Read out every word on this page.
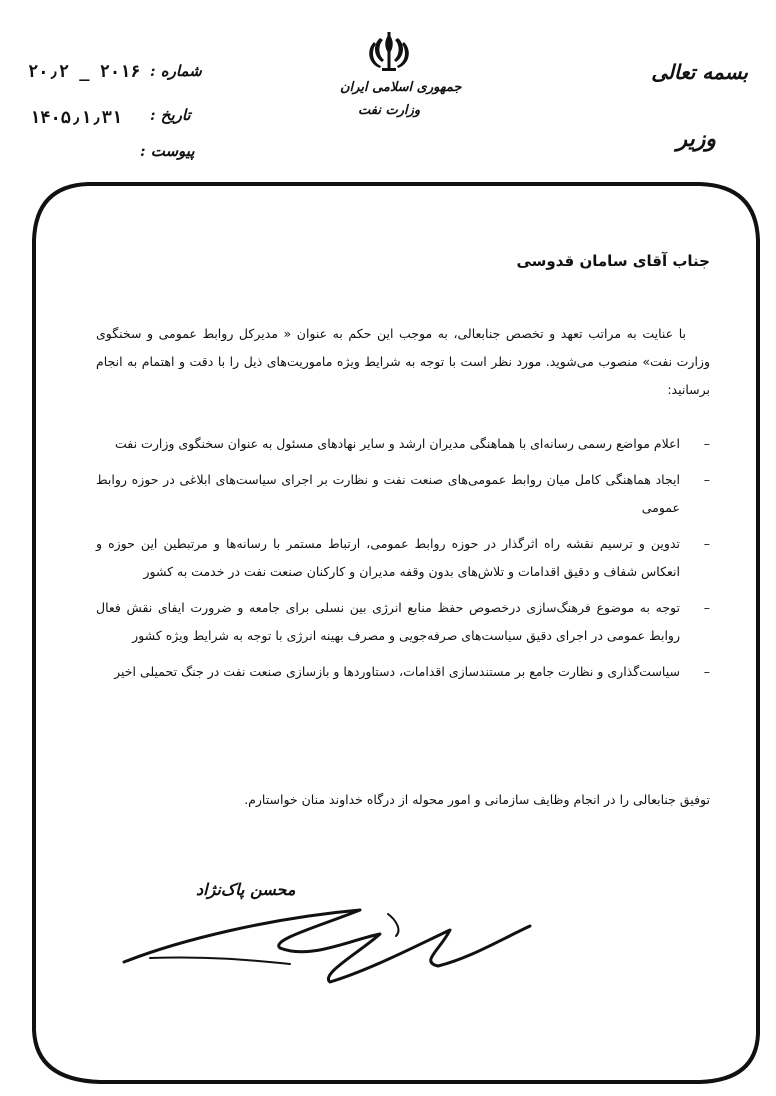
بسمه تعالی
وزیر
جمهوری اسلامی ایران
وزارت نفت
شماره :
۲۰٫۲ _ ۲۰۱۶
تاریخ :
۱۴۰۵٫۱٫۳۱
پیوست :
جناب آقای سامان قدوسی
با عنایت به مراتب تعهد و تخصص جنابعالی، به موجب این حکم به عنوان « مدیرکل روابط عمومی و سخنگوی وزارت نفت» منصوب می‌شوید. مورد نظر است با توجه به شرایط ویژه ماموریت‌های ذیل را با دقت و اهتمام به انجام برسانید:
– اعلام مواضع رسمی رسانه‌ای با هماهنگی مدیران ارشد و سایر نهادهای مسئول به عنوان سخنگوی وزارت نفت
– ایجاد هماهنگی کامل میان روابط عمومی‌های صنعت نفت و نظارت بر اجرای سیاست‌های ابلاغی در حوزه روابط عمومی
– تدوین و ترسیم نقشه راه اثرگذار در حوزه روابط عمومی، ارتباط مستمر با رسانه‌ها و مرتبطین این حوزه و انعکاس شفاف و دقیق اقدامات و تلاش‌های بدون وقفه مدیران و کارکنان صنعت نفت در خدمت به کشور
– توجه به موضوع فرهنگ‌سازی درخصوص حفظ منابع انرژی بین نسلی برای جامعه و ضرورت ایفای نقش فعال روابط عمومی در اجرای دقیق سیاست‌های صرفه‌جویی و مصرف بهینه انرژی با توجه به شرایط ویژه کشور
– سیاست‌گذاری و نظارت جامع بر مستندسازی اقدامات، دستاوردها و بازسازی صنعت نفت در جنگ تحمیلی اخیر
توفیق جنابعالی را در انجام وظایف سازمانی و امور محوله از درگاه خداوند منان خواستارم.
محسن پاک‌نژاد
